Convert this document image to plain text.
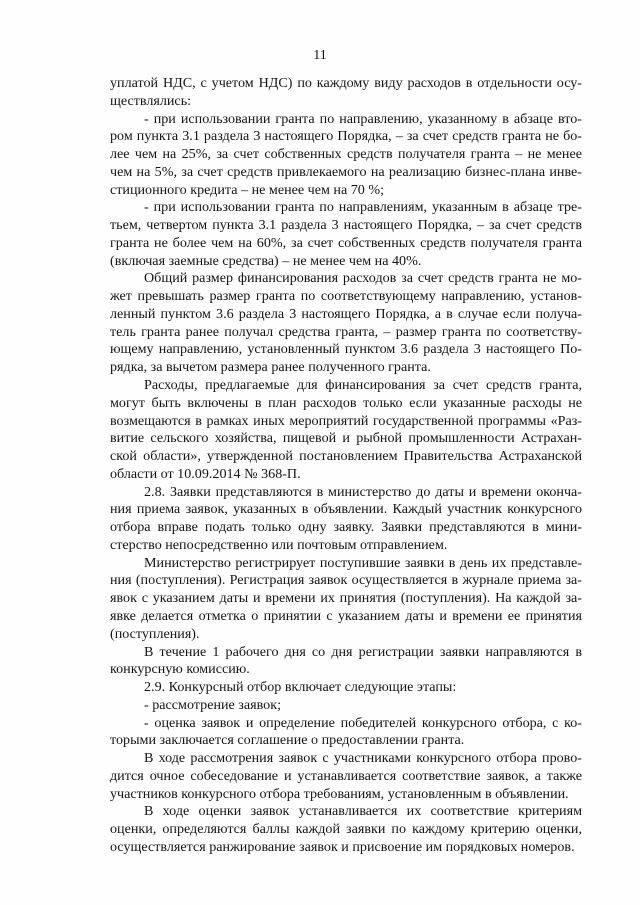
11
уплатой НДС, с учетом НДС) по каждому виду расходов в отдельности осу-
ществлялись:
- при использовании гранта по направлению, указанному в абзаце вто-
ром пункта 3.1 раздела 3 настоящего Порядка, – за счет средств гранта не бо-
лее чем на 25%, за счет собственных средств получателя гранта – не менее
чем на 5%, за счет средств привлекаемого на реализацию бизнес-плана инве-
стиционного кредита – не менее чем на 70 %;
- при использовании гранта по направлениям, указанным в абзаце тре-
тьем, четвертом пункта 3.1 раздела 3 настоящего Порядка, – за счет средств
гранта не более чем на 60%, за счет собственных средств получателя гранта
(включая заемные средства) – не менее чем на 40%.
Общий размер финансирования расходов за счет средств гранта не мо-
жет превышать размер гранта по соответствующему направлению, установ-
ленный пунктом 3.6 раздела 3 настоящего Порядка, а в случае если получа-
тель гранта ранее получал средства гранта, – размер гранта по соответству-
ющему направлению, установленный пунктом 3.6 раздела 3 настоящего По-
рядка, за вычетом размера ранее полученного гранта.
Расходы, предлагаемые для финансирования за счет средств гранта,
могут быть включены в план расходов только если указанные расходы не
возмещаются в рамках иных мероприятий государственной программы «Раз-
витие сельского хозяйства, пищевой и рыбной промышленности Астрахан-
ской области», утвержденной постановлением Правительства Астраханской
области от 10.09.2014 № 368-П.
2.8. Заявки представляются в министерство до даты и времени оконча-
ния приема заявок, указанных в объявлении. Каждый участник конкурсного
отбора вправе подать только одну заявку. Заявки представляются в мини-
стерство непосредственно или почтовым отправлением.
Министерство регистрирует поступившие заявки в день их представле-
ния (поступления). Регистрация заявок осуществляется в журнале приема за-
явок с указанием даты и времени их принятия (поступления). На каждой за-
явке делается отметка о принятии с указанием даты и времени ее принятия
(поступления).
В течение 1 рабочего дня со дня регистрации заявки направляются в
конкурсную комиссию.
2.9. Конкурсный отбор включает следующие этапы:
- рассмотрение заявок;
- оценка заявок и определение победителей конкурсного отбора, с ко-
торыми заключается соглашение о предоставлении гранта.
В ходе рассмотрения заявок с участниками конкурсного отбора прово-
дится очное собеседование и устанавливается соответствие заявок, а также
участников конкурсного отбора требованиям, установленным в объявлении.
В ходе оценки заявок устанавливается их соответствие критериям
оценки, определяются баллы каждой заявки по каждому критерию оценки,
осуществляется ранжирование заявок и присвоение им порядковых номеров.
